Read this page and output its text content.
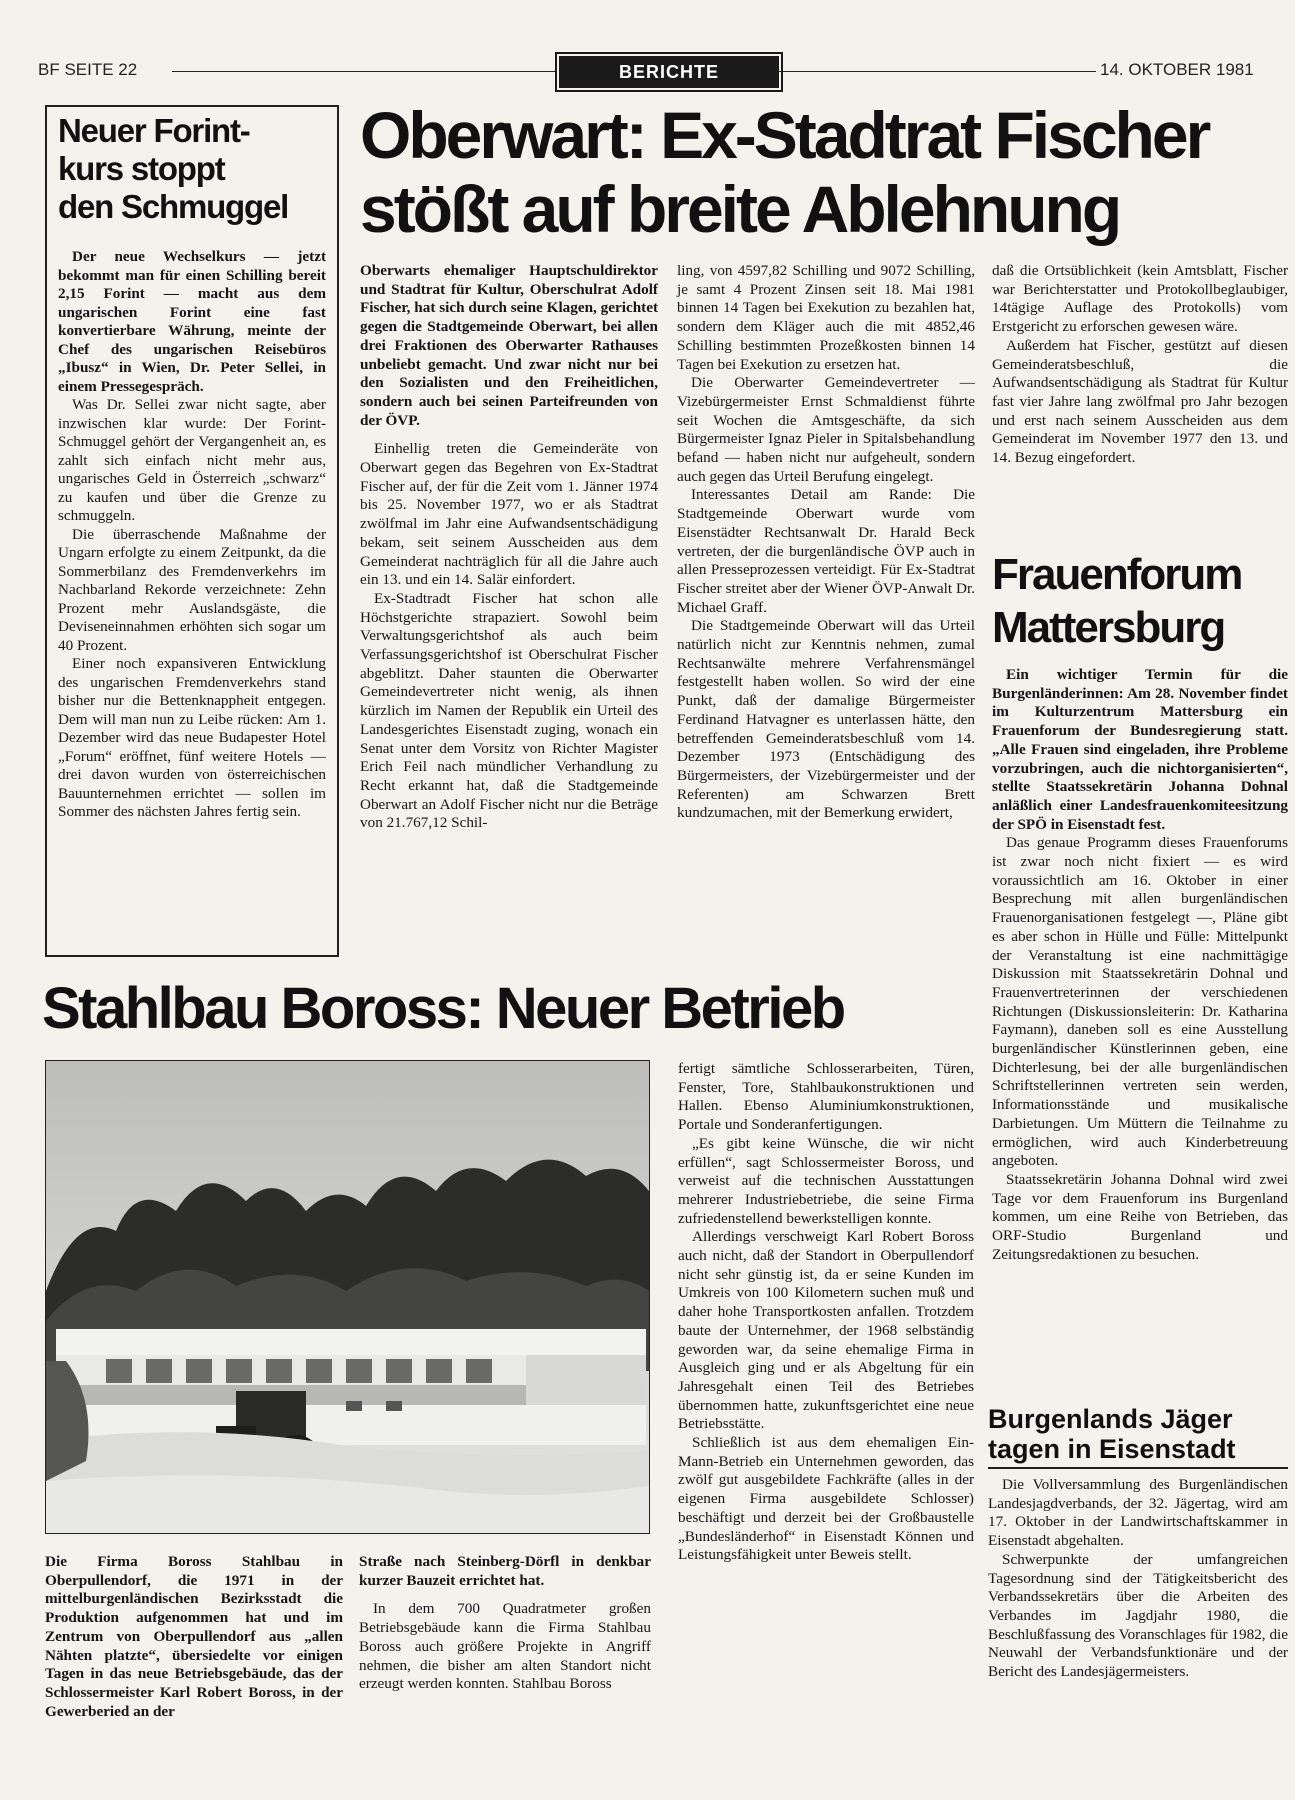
BF SEITE 22	BERICHTE	14. OKTOBER 1981
Neuer Forint-
kurs stoppt
den Schmuggel

Der neue Wechselkurs — jetzt bekommt man für einen Schilling bereit 2,15 Forint — macht aus dem ungarischen Forint eine fast konvertierbare Währung, meinte der Chef des ungarischen Reisebüros „Ibusz“ in Wien, Dr. Peter Sellei, in einem Pressegespräch.

Was Dr. Sellei zwar nicht sagte, aber inzwischen klar wurde: Der Forint-Schmuggel gehört der Vergangenheit an, es zahlt sich einfach nicht mehr aus, ungarisches Geld in Österreich „schwarz“ zu kaufen und über die Grenze zu schmuggeln.

Die überraschende Maßnahme der Ungarn erfolgte zu einem Zeitpunkt, da die Sommerbilanz des Fremdenverkehrs im Nachbarland Rekorde verzeichnete: Zehn Prozent mehr Auslandsgäste, die Deviseneinnahmen erhöhten sich sogar um 40 Prozent.

Einer noch expansiveren Entwicklung des ungarischen Fremdenverkehrs stand bisher nur die Bettenknappheit entgegen. Dem will man nun zu Leibe rücken: Am 1. Dezember wird das neue Budapester Hotel „Forum“ eröffnet, fünf weitere Hotels — drei davon wurden von österreichischen Bauunternehmen errichtet — sollen im Sommer des nächsten Jahres fertig sein.

Oberwart: Ex-Stadtrat Fischer
stößt auf breite Ablehnung

Oberwarts ehemaliger Hauptschuldirektor und Stadtrat für Kultur, Oberschulrat Adolf Fischer, hat sich durch seine Klagen, gerichtet gegen die Stadtgemeinde Oberwart, bei allen drei Fraktionen des Oberwarter Rathauses unbeliebt gemacht. Und zwar nicht nur bei den Sozialisten und den Freiheitlichen, sondern auch bei seinen Parteifreunden von der ÖVP.

Einhellig treten die Gemeinderäte von Oberwart gegen das Begehren von Ex-Stadtrat Fischer auf, der für die Zeit vom 1. Jänner 1974 bis 25. November 1977, wo er als Stadtrat zwölfmal im Jahr eine Aufwandsentschädigung bekam, seit seinem Ausscheiden aus dem Gemeinderat nachträglich für all die Jahre auch ein 13. und ein 14. Salär einfordert.

Ex-Stadtradt Fischer hat schon alle Höchstgerichte strapaziert. Sowohl beim Verwaltungsgerichtshof als auch beim Verfassungsgerichtshof ist Oberschulrat Fischer abgeblitzt. Daher staunten die Oberwarter Gemeindevertreter nicht wenig, als ihnen kürzlich im Namen der Republik ein Urteil des Landesgerichtes Eisenstadt zuging, wonach ein Senat unter dem Vorsitz von Richter Magister Erich Feil nach mündlicher Verhandlung zu Recht erkannt hat, daß die Stadtgemeinde Oberwart an Adolf Fischer nicht nur die Beträge von 21.767,12 Schil-

ling, von 4597,82 Schilling und 9072 Schilling, je samt 4 Prozent Zinsen seit 18. Mai 1981 binnen 14 Tagen bei Exekution zu bezahlen hat, sondern dem Kläger auch die mit 4852,46 Schilling bestimmten Prozeßkosten binnen 14 Tagen bei Exekution zu ersetzen hat.

Die Oberwarter Gemeindevertreter — Vizebürgermeister Ernst Schmaldienst führte seit Wochen die Amtsgeschäfte, da sich Bürgermeister Ignaz Pieler in Spitalsbehandlung befand — haben nicht nur aufgeheult, sondern auch gegen das Urteil Berufung eingelegt.

Interessantes Detail am Rande: Die Stadtgemeinde Oberwart wurde vom Eisenstädter Rechtsanwalt Dr. Harald Beck vertreten, der die burgenländische ÖVP auch in allen Presseprozessen verteidigt. Für Ex-Stadtrat Fischer streitet aber der Wiener ÖVP-Anwalt Dr. Michael Graff.

Die Stadtgemeinde Oberwart will das Urteil natürlich nicht zur Kenntnis nehmen, zumal Rechtsanwälte mehrere Verfahrensmängel festgestellt haben wollen. So wird der eine Punkt, daß der damalige Bürgermeister Ferdinand Hatvagner es unterlassen hätte, den betreffenden Gemeinderatsbeschluß vom 14. Dezember 1973 (Entschädigung des Bürgermeisters, der Vizebürgermeister und der Referenten) am Schwarzen Brett kundzumachen, mit der Bemerkung erwidert,

daß die Ortsüblichkeit (kein Amtsblatt, Fischer war Berichterstatter und Protokollbeglaubiger, 14tägige Auflage des Protokolls) vom Erstgericht zu erforschen gewesen wäre.

Außerdem hat Fischer, gestützt auf diesen Gemeinderatsbeschluß, die Aufwandsentschädigung als Stadtrat für Kultur fast vier Jahre lang zwölfmal pro Jahr bezogen und erst nach seinem Ausscheiden aus dem Gemeinderat im November 1977 den 13. und 14. Bezug eingefordert.

Frauenforum
Mattersburg

Ein wichtiger Termin für die Burgenländerinnen: Am 28. November findet im Kulturzentrum Mattersburg ein Frauenforum der Bundesregierung statt. „Alle Frauen sind eingeladen, ihre Probleme vorzubringen, auch die nichtorganisierten“, stellte Staatssekretärin Johanna Dohnal anläßlich einer Landesfrauenkomiteesitzung der SPÖ in Eisenstadt fest.

Das genaue Programm dieses Frauenforums ist zwar noch nicht fixiert — es wird voraussichtlich am 16. Oktober in einer Besprechung mit allen burgenländischen Frauenorganisationen festgelegt —, Pläne gibt es aber schon in Hülle und Fülle: Mittelpunkt der Veranstaltung ist eine nachmittägige Diskussion mit Staatssekretärin Dohnal und Frauenvertreterinnen der verschiedenen Richtungen (Diskussionsleiterin: Dr. Katharina Faymann), daneben soll es eine Ausstellung burgenländischer Künstlerinnen geben, eine Dichterlesung, bei der alle burgenländischen Schriftstellerinnen vertreten sein werden, Informationsstände und musikalische Darbietungen. Um Müttern die Teilnahme zu ermöglichen, wird auch Kinderbetreuung angeboten.

Staatssekretärin Johanna Dohnal wird zwei Tage vor dem Frauenforum ins Burgenland kommen, um eine Reihe von Betrieben, das ORF-Studio Burgenland und Zeitungsredaktionen zu besuchen.

Burgenlands Jäger
tagen in Eisenstadt

Die Vollversammlung des Burgenländischen Landesjagdverbands, der 32. Jägertag, wird am 17. Oktober in der Landwirtschaftskammer in Eisenstadt abgehalten.

Schwerpunkte der umfangreichen Tagesordnung sind der Tätigkeitsbericht des Verbandssekretärs über die Arbeiten des Verbandes im Jagdjahr 1980, die Beschlußfassung des Voranschlages für 1982, die Neuwahl der Verbandsfunktionäre und der Bericht des Landesjägermeisters.

Stahlbau Boross: Neuer Betrieb

Die Firma Boross Stahlbau in Oberpullendorf, die 1971 in der mittelburgenländischen Bezirksstadt die Produktion aufgenommen hat und im Zentrum von Oberpullendorf aus „allen Nähten platzte“, übersiedelte vor einigen Tagen in das neue Betriebsgebäude, das der Schlossermeister Karl Robert Boross, in der Gewerberied an der

Straße nach Steinberg-Dörfl in denkbar kurzer Bauzeit errichtet hat.

In dem 700 Quadratmeter großen Betriebsgebäude kann die Firma Stahlbau Boross auch größere Projekte in Angriff nehmen, die bisher am alten Standort nicht erzeugt werden konnten. Stahlbau Boross

fertigt sämtliche Schlosserarbeiten, Türen, Fenster, Tore, Stahlbaukonstruktionen und Hallen. Ebenso Aluminiumkonstruktionen, Portale und Sonderanfertigungen.

„Es gibt keine Wünsche, die wir nicht erfüllen“, sagt Schlossermeister Boross, und verweist auf die technischen Ausstattungen mehrerer Industriebetriebe, die seine Firma zufriedenstellend bewerkstelligen konnte.

Allerdings verschweigt Karl Robert Boross auch nicht, daß der Standort in Oberpullendorf nicht sehr günstig ist, da er seine Kunden im Umkreis von 100 Kilometern suchen muß und daher hohe Transportkosten anfallen. Trotzdem baute der Unternehmer, der 1968 selbständig geworden war, da seine ehemalige Firma in Ausgleich ging und er als Abgeltung für ein Jahresgehalt einen Teil des Betriebes übernommen hatte, zukunftsgerichtet eine neue Betriebsstätte.

Schließlich ist aus dem ehemaligen Ein-Mann-Betrieb ein Unternehmen geworden, das zwölf gut ausgebildete Fachkräfte (alles in der eigenen Firma ausgebildete Schlosser) beschäftigt und derzeit bei der Großbaustelle „Bundesländerhof“ in Eisenstadt Können und Leistungsfähigkeit unter Beweis stellt.
